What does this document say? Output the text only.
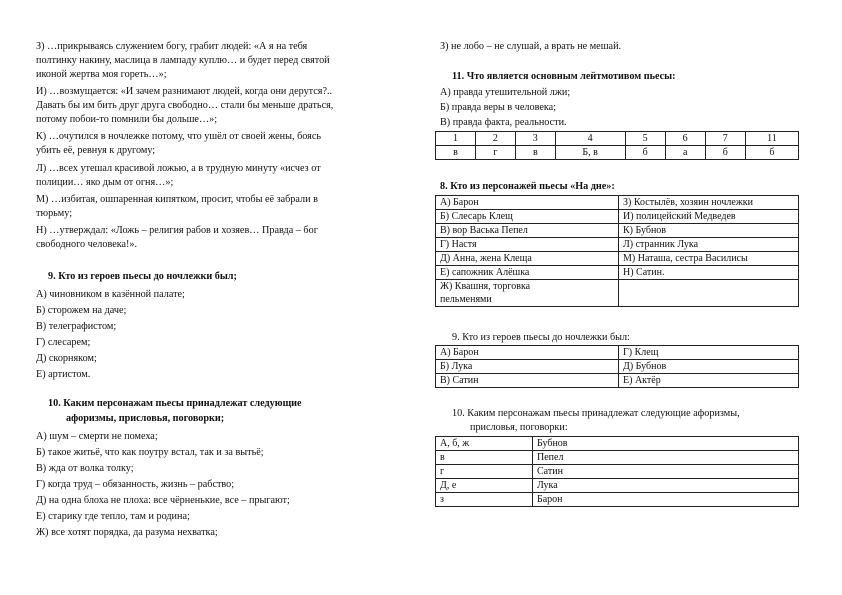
З) …прикрываясь служением богу, грабит людей: «А я на тебя
полтинку накину, маслица в лампаду куплю… и будет перед святой
иконой жертва моя гореть…»;
И) …возмущается: «И зачем разнимают людей, когда они дерутся?..
Давать бы им бить друг друга свободно… стали бы меньше драться,
потому побои-то помнили бы дольше…»;
К) …очутился в ночлежке потому, что ушёл от своей жены, боясь
убить её, ревнуя к другому;
Л) …всех утешал красивой ложью, а в трудную минуту «исчез от
полиции… яко дым от огня…»;
М) …избитая, ошпаренная кипятком, просит, чтобы её забрали в
тюрьму;
Н) …утверждал: «Ложь – религия рабов и хозяев… Правда – бог
свободного человека!».
9. Кто из героев пьесы до ночлежки был;
А) чиновником в казённой палате;
Б) сторожем на даче;
В) телеграфистом;
Г) слесарем;
Д) скорняком;
Е) артистом.
10. Каким персонажам пьесы принадлежат следующие
афоризмы, присловья, поговорки;
А) шум – смерти не помеха;
Б) такое житьё, что как поутру встал, так и за вытьё;
В) жда от волка толку;
Г) когда труд – обязанность, жизнь – рабство;
Д) на одна блоха не плоха: все чёрненькие, все – прыгают;
Е) старику где тепло, там и родина;
Ж) все хотят порядка, да разума нехватка;
З) не лобо – не слушай, а врать не мешай.
11. Что является основным лейтмотивом пьесы:
А) правда утешительной лжи;
Б) правда веры в человека;
В) правда факта, реальности.
1	2	3	4	5	6	7	11
в	г	в	Б, в	б	а	б	б
8. Кто из персонажей пьесы «На дне»:
А) Барон	З) Костылёв, хозяин ночлежки
Б) Слесарь Клещ	И) полицейский Медведев
В) вор Васька Пепел	К) Бубнов
Г) Настя	Л) странник Лука
Д) Анна, жена Клеща	М) Наташа, сестра Василисы
Е) сапожник Алёшка	Н) Сатин.

Ж) Квашня, торговка
пельменями	

9. Кто из героев пьесы до ночлежки был:
А) Барон	Г) Клещ
Б) Лука	Д) Бубнов
В) Сатин	Е) Актёр
10. Каким персонажам пьесы принадлежат следующие афоризмы,
присловья, поговорки:
А, б, ж	Бубнов
в	Пепел
г	Сатин
Д, е	Лука
з	Барон
